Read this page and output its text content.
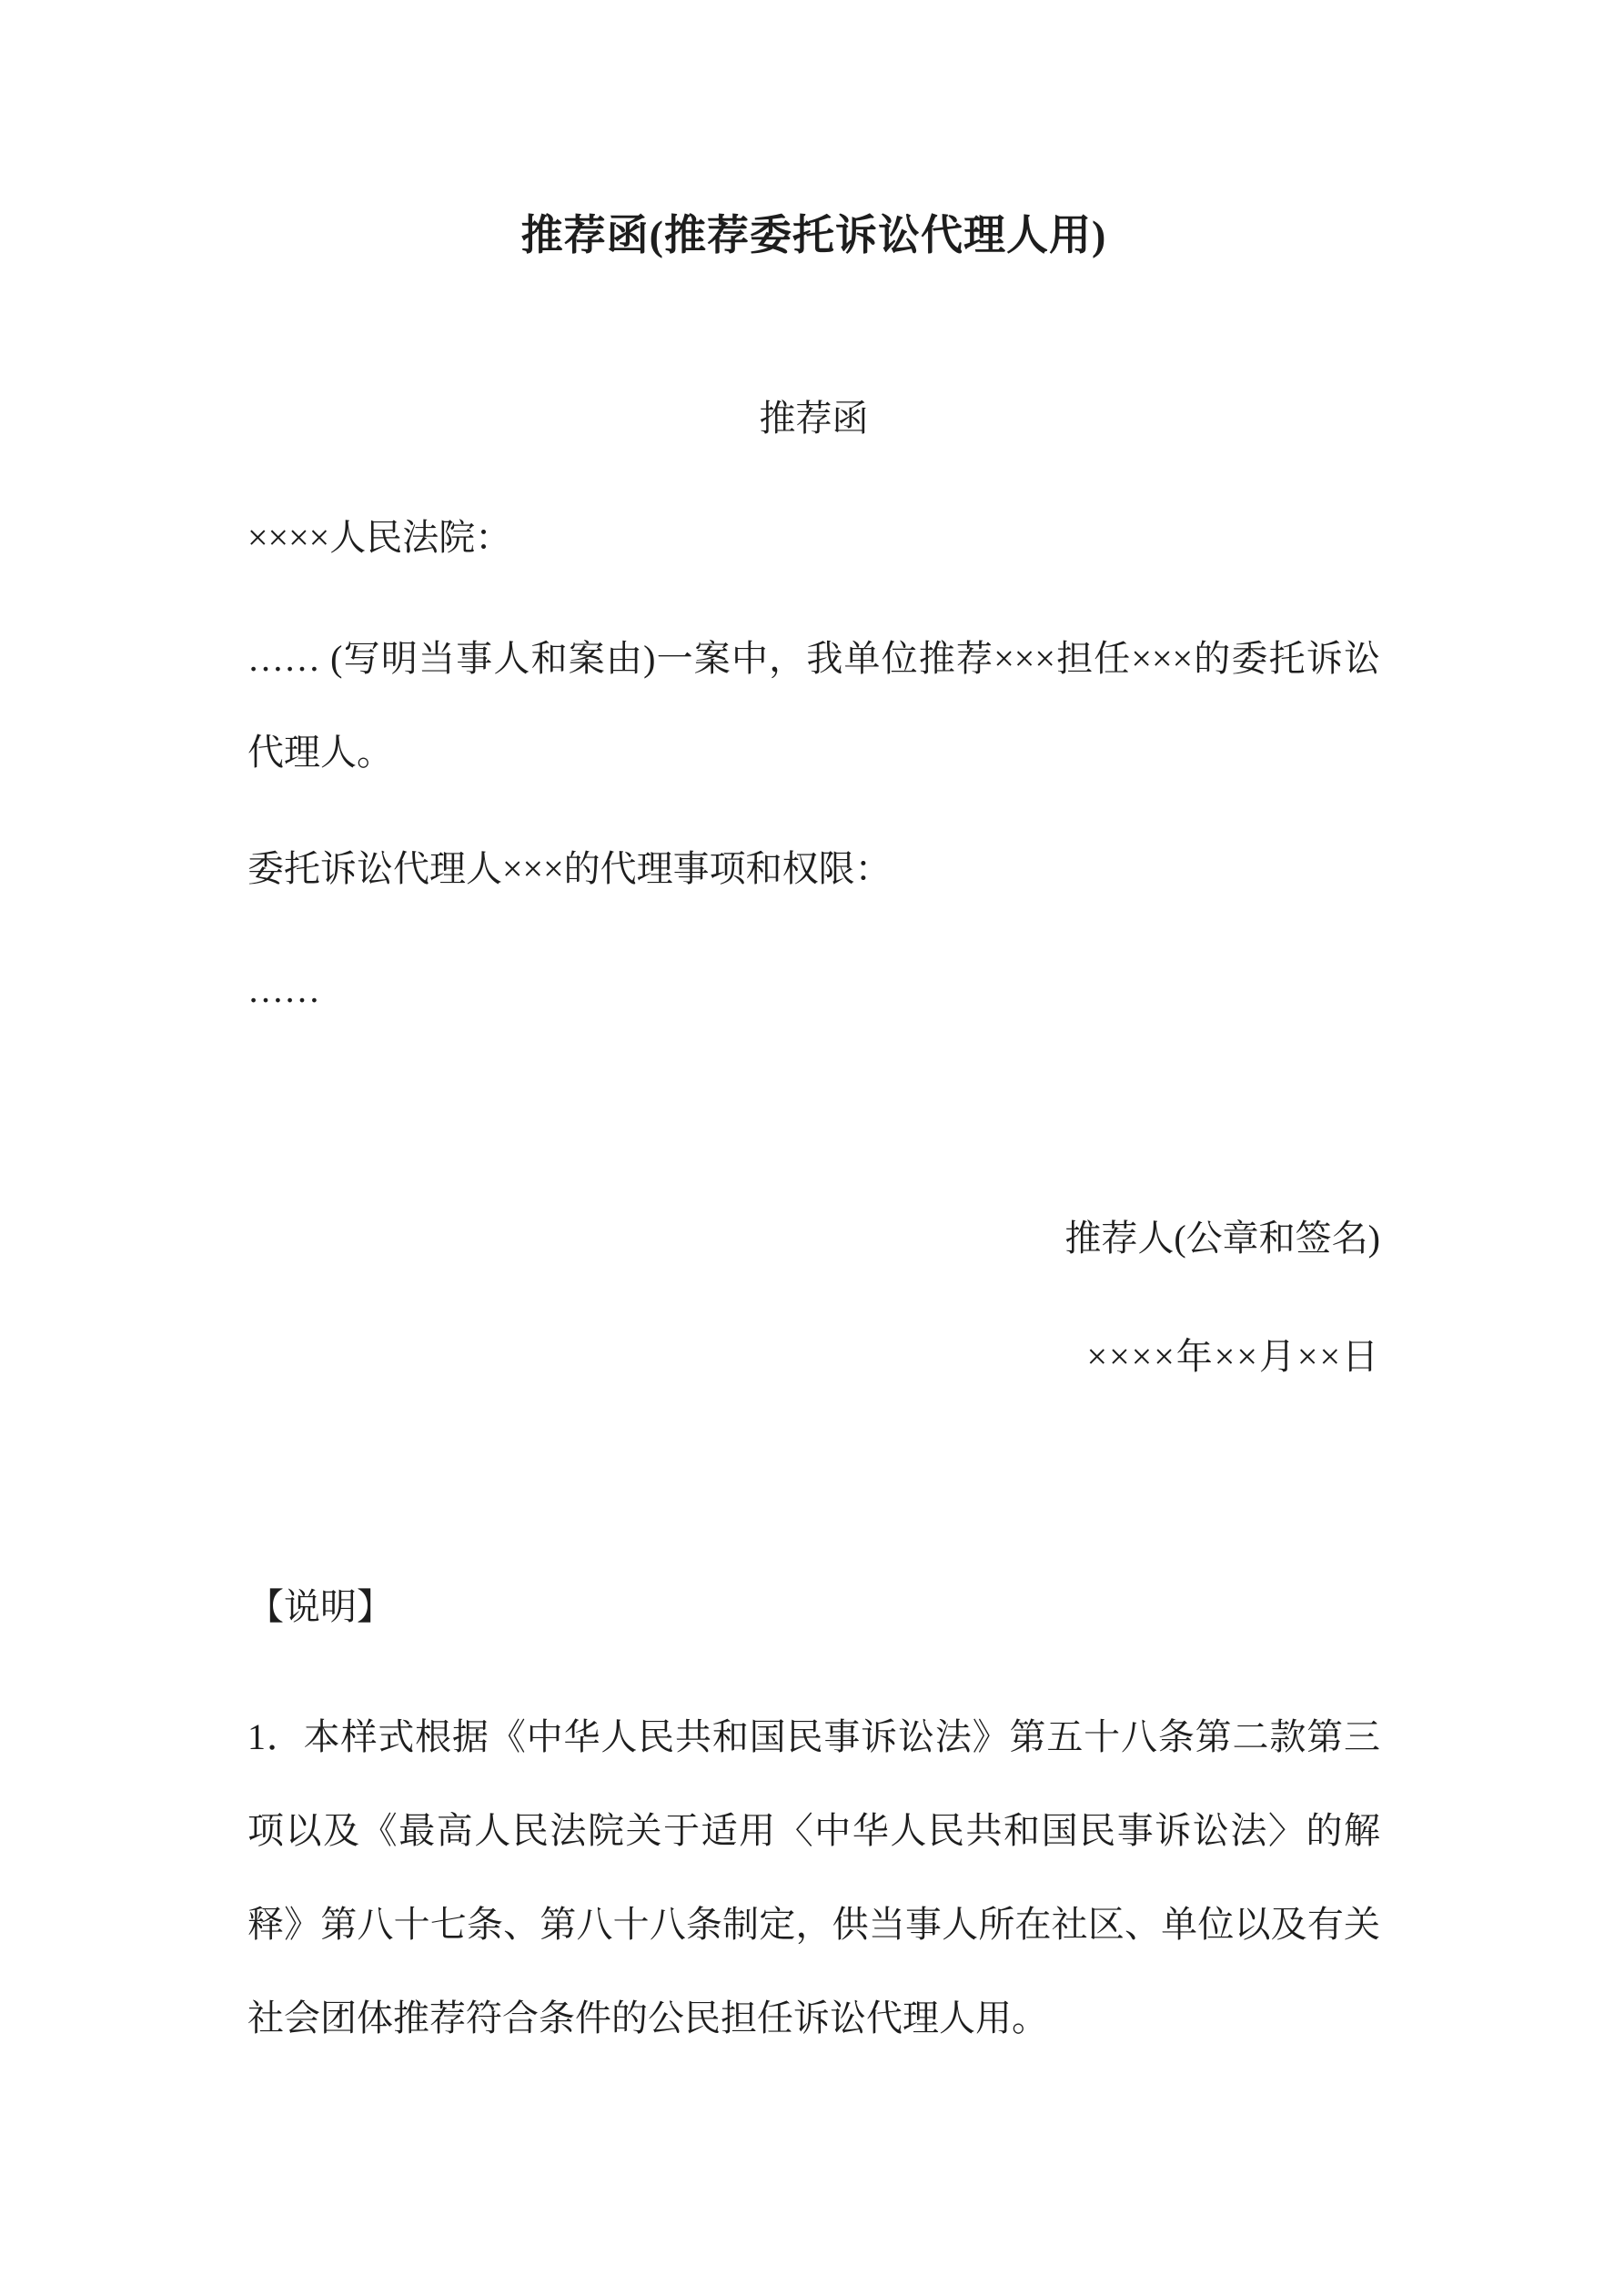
推荐函(推荐委托诉讼代理人用)
推荐函

××××人民法院：

…… (写明当事人和案由)一案中，我单位推荐×××担任×××的委托诉讼代理人。

委托诉讼代理人×××的代理事项和权限：

……

推荐人(公章和签名)

××××年××月××日

【说明】

1．本样式根据《中华人民共和国民事诉讼法》第五十八条第二款第三项以及《最高人民法院关于适用〈中华人民共和国民事诉讼法〉的解释》第八十七条、第八十八条制定，供当事人所在社区、单位以及有关社会团体推荐符合条件的公民担任诉讼代理人用。
